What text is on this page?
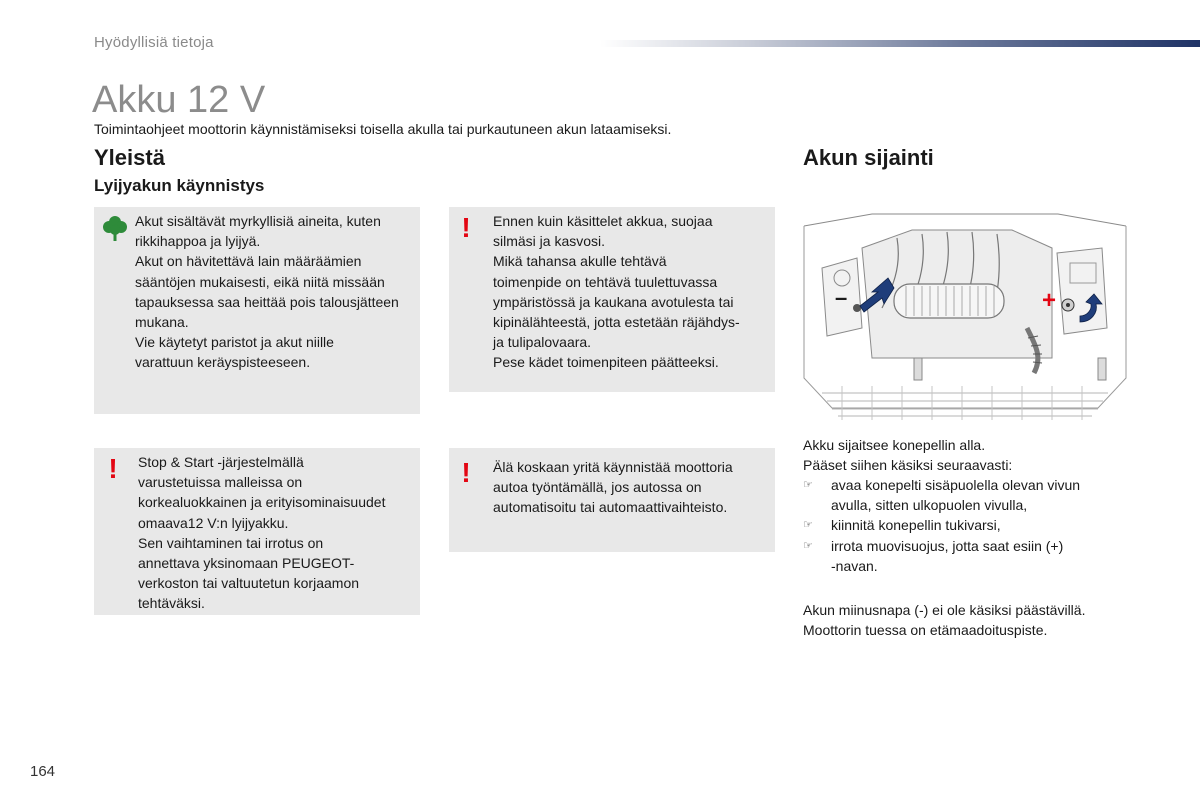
Hyödyllisiä tietoja
Akku 12 V
Toimintaohjeet moottorin käynnistämiseksi toisella akulla tai purkautuneen akun lataamiseksi.
Yleistä
Lyijyakun käynnistys
Akut sisältävät myrkyllisiä aineita, kuten
rikkihappoa ja lyijyä.
Akut on hävitettävä lain määräämien
sääntöjen mukaisesti, eikä niitä missään
tapauksessa saa heittää pois talousjätteen
mukana.
Vie käytetyt paristot ja akut niille
varattuun keräyspisteeseen.
! Ennen kuin käsittelet akkua, suojaa
silmäsi ja kasvosi.
Mikä tahansa akulle tehtävä
toimenpide on tehtävä tuulettuvassa
ympäristössä ja kaukana avotulesta tai
kipinälähteestä, jotta estetään räjähdys-
ja tulipalovaara.
Pese kädet toimenpiteen päätteeksi.
! Stop & Start -järjestelmällä
varustetuissa malleissa on
korkealuokkainen ja erityisominaisuudet
omaava12 V:n lyijyakku.
Sen vaihtaminen tai irrotus on
annettava yksinomaan PEUGEOT-
verkoston tai valtuutetun korjaamon
tehtäväksi.
! Älä koskaan yritä käynnistää moottoria
autoa työntämällä, jos autossa on
automatisoitu tai automaattivaihteisto.
Akun sijainti
–	+
Akku sijaitsee konepellin alla.
Pääset siihen käsiksi seuraavasti:
☞	avaa konepelti sisäpuolella olevan vivun
avulla, sitten ulkopuolen vivulla,
☞	kiinnitä konepellin tukivarsi,
☞	irrota muovisuojus, jotta saat esiin (+)
-navan.
Akun miinusnapa (-) ei ole käsiksi päästävillä.
Moottorin tuessa on etämaadoituspiste.
164
